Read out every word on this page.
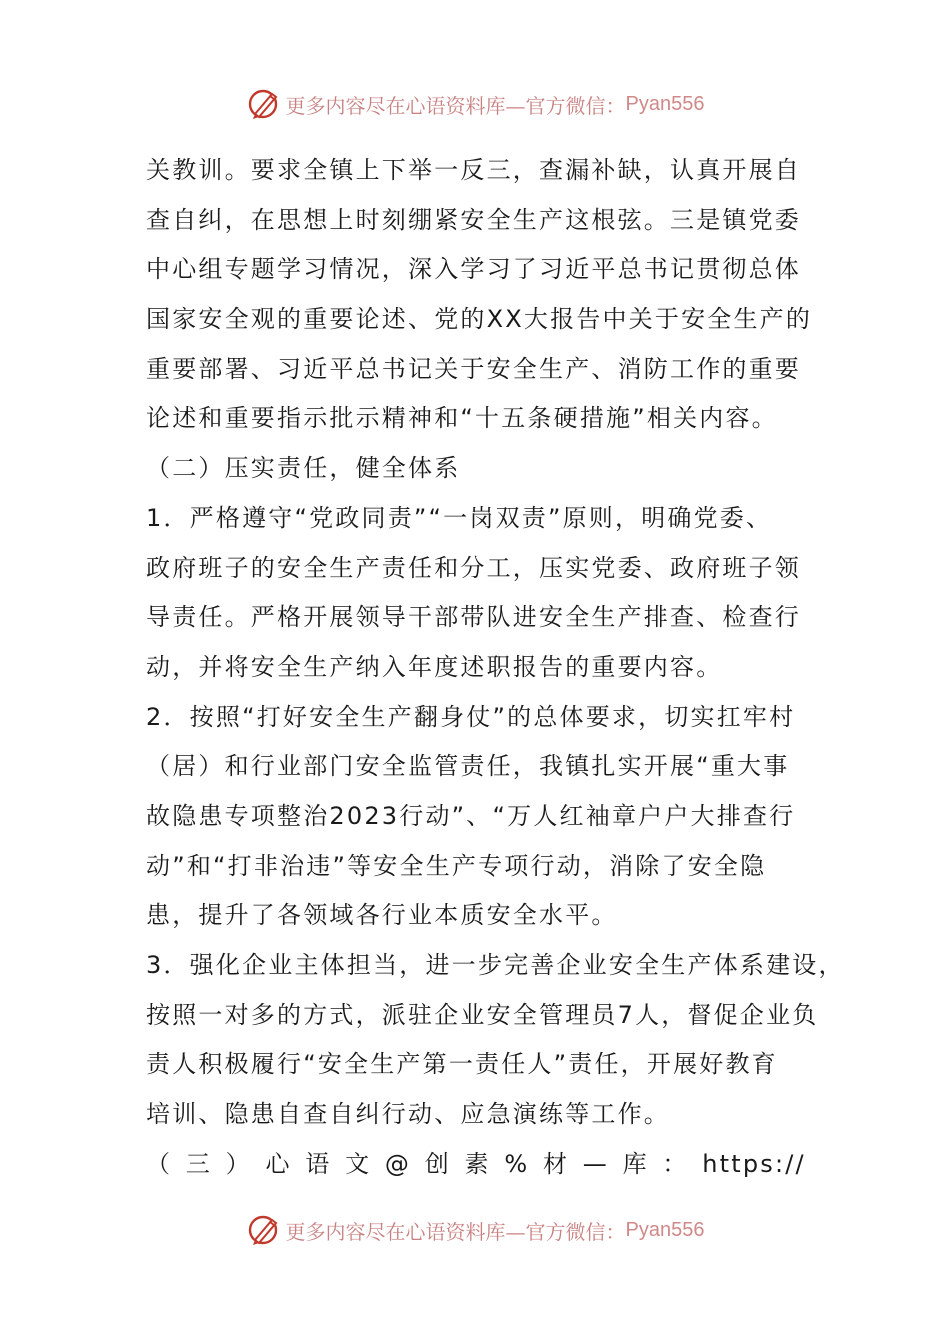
更多内容尽在心语资料库—官方微信： Pyan556
关教训。要求全镇上下举一反三，查漏补缺，认真开展自
查自纠，在思想上时刻绷紧安全生产这根弦。三是镇党委
中心组专题学习情况，深入学习了习近平总书记贯彻总体
国家安全观的重要论述、党的XX大报告中关于安全生产的
重要部署、习近平总书记关于安全生产、消防工作的重要
论述和重要指示批示精神和“十五条硬措施”相关内容。
（二）压实责任，健全体系
1．严格遵守“党政同责”“一岗双责”原则，明确党委、
政府班子的安全生产责任和分工，压实党委、政府班子领
导责任。严格开展领导干部带队进安全生产排查、检查行
动，并将安全生产纳入年度述职报告的重要内容。
2．按照“打好安全生产翻身仗”的总体要求，切实扛牢村
（居）和行业部门安全监管责任，我镇扎实开展“重大事
故隐患专项整治2023行动”、“万人红袖章户户大排查行
动”和“打非治违”等安全生产专项行动，消除了安全隐
患，提升了各领域各行业本质安全水平。
3．强化企业主体担当，进一步完善企业安全生产体系建设，
按照一对多的方式，派驻企业安全管理员7人，督促企业负
责人积极履行“安全生产第一责任人”责任，开展好教育
培训、隐患自查自纠行动、应急演练等工作。
（ 三 ） 心 语 文 @ 创 素 % 材 — 库 ： https://
更多内容尽在心语资料库—官方微信： Pyan556
